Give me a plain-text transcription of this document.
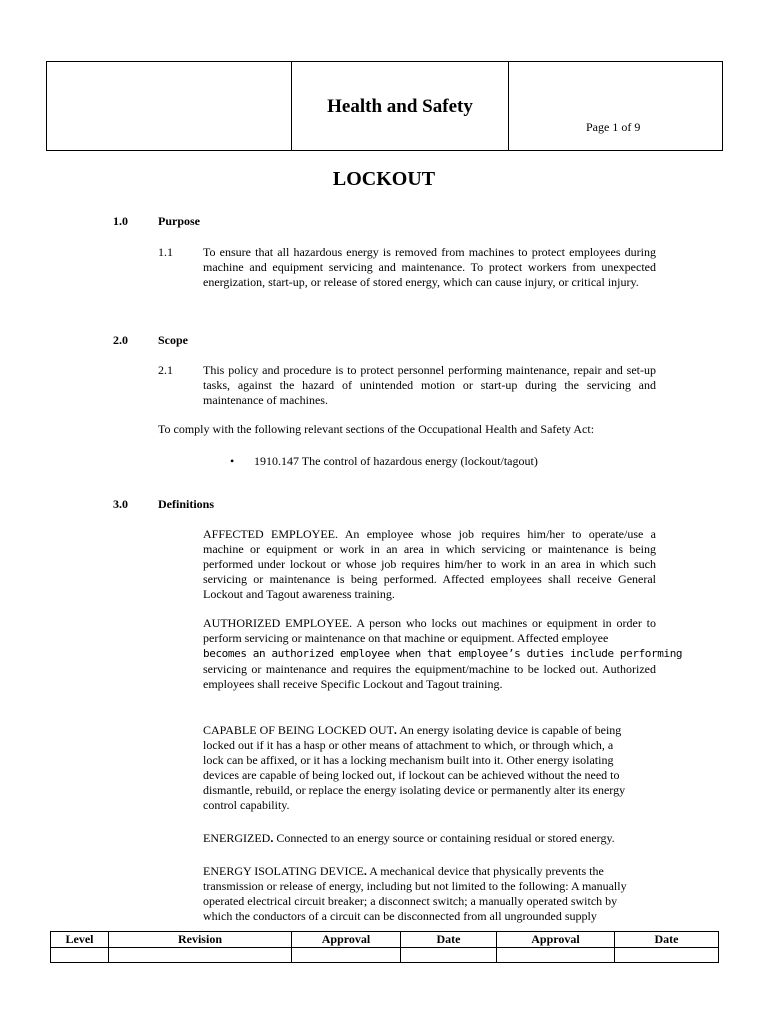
Health and Safety

Page 1 of 9
LOCKOUT
1.0	Purpose
1.1	To ensure that all hazardous energy is removed from machines to protect employees during machine and equipment servicing and maintenance. To protect workers from unexpected energization, start-up, or release of stored energy, which can cause injury, or critical injury.
2.0	Scope
2.1	This policy and procedure is to protect personnel performing maintenance, repair and set-up tasks, against the hazard of unintended motion or start-up during the servicing and maintenance of machines.
To comply with the following relevant sections of the Occupational Health and Safety Act:
• 1910.147 The control of hazardous energy (lockout/tagout)
3.0	Definitions
AFFECTED EMPLOYEE. An employee whose job requires him/her to operate/use a machine or equipment or work in an area in which servicing or maintenance is being performed under lockout or whose job requires him/her to work in an area in which such servicing or maintenance is being performed. Affected employees shall receive General Lockout and Tagout awareness training.
AUTHORIZED EMPLOYEE. A person who locks out machines or equipment in order to perform servicing or maintenance on that machine or equipment. Affected employee
becomes an authorized employee when that employee’s duties include performing
servicing or maintenance and requires the equipment/machine to be locked out. Authorized employees shall receive Specific Lockout and Tagout training.
CAPABLE OF BEING LOCKED OUT. An energy isolating device is capable of being
locked out if it has a hasp or other means of attachment to which, or through which, a
lock can be affixed, or it has a locking mechanism built into it. Other energy isolating
devices are capable of being locked out, if lockout can be achieved without the need to
dismantle, rebuild, or replace the energy isolating device or permanently alter its energy
control capability.
ENERGIZED. Connected to an energy source or containing residual or stored energy.
ENERGY ISOLATING DEVICE. A mechanical device that physically prevents the
transmission or release of energy, including but not limited to the following: A manually
operated electrical circuit breaker; a disconnect switch; a manually operated switch by
which the conductors of a circuit can be disconnected from all ungrounded supply
Level	Revision	Approval	Date	Approval	Date
